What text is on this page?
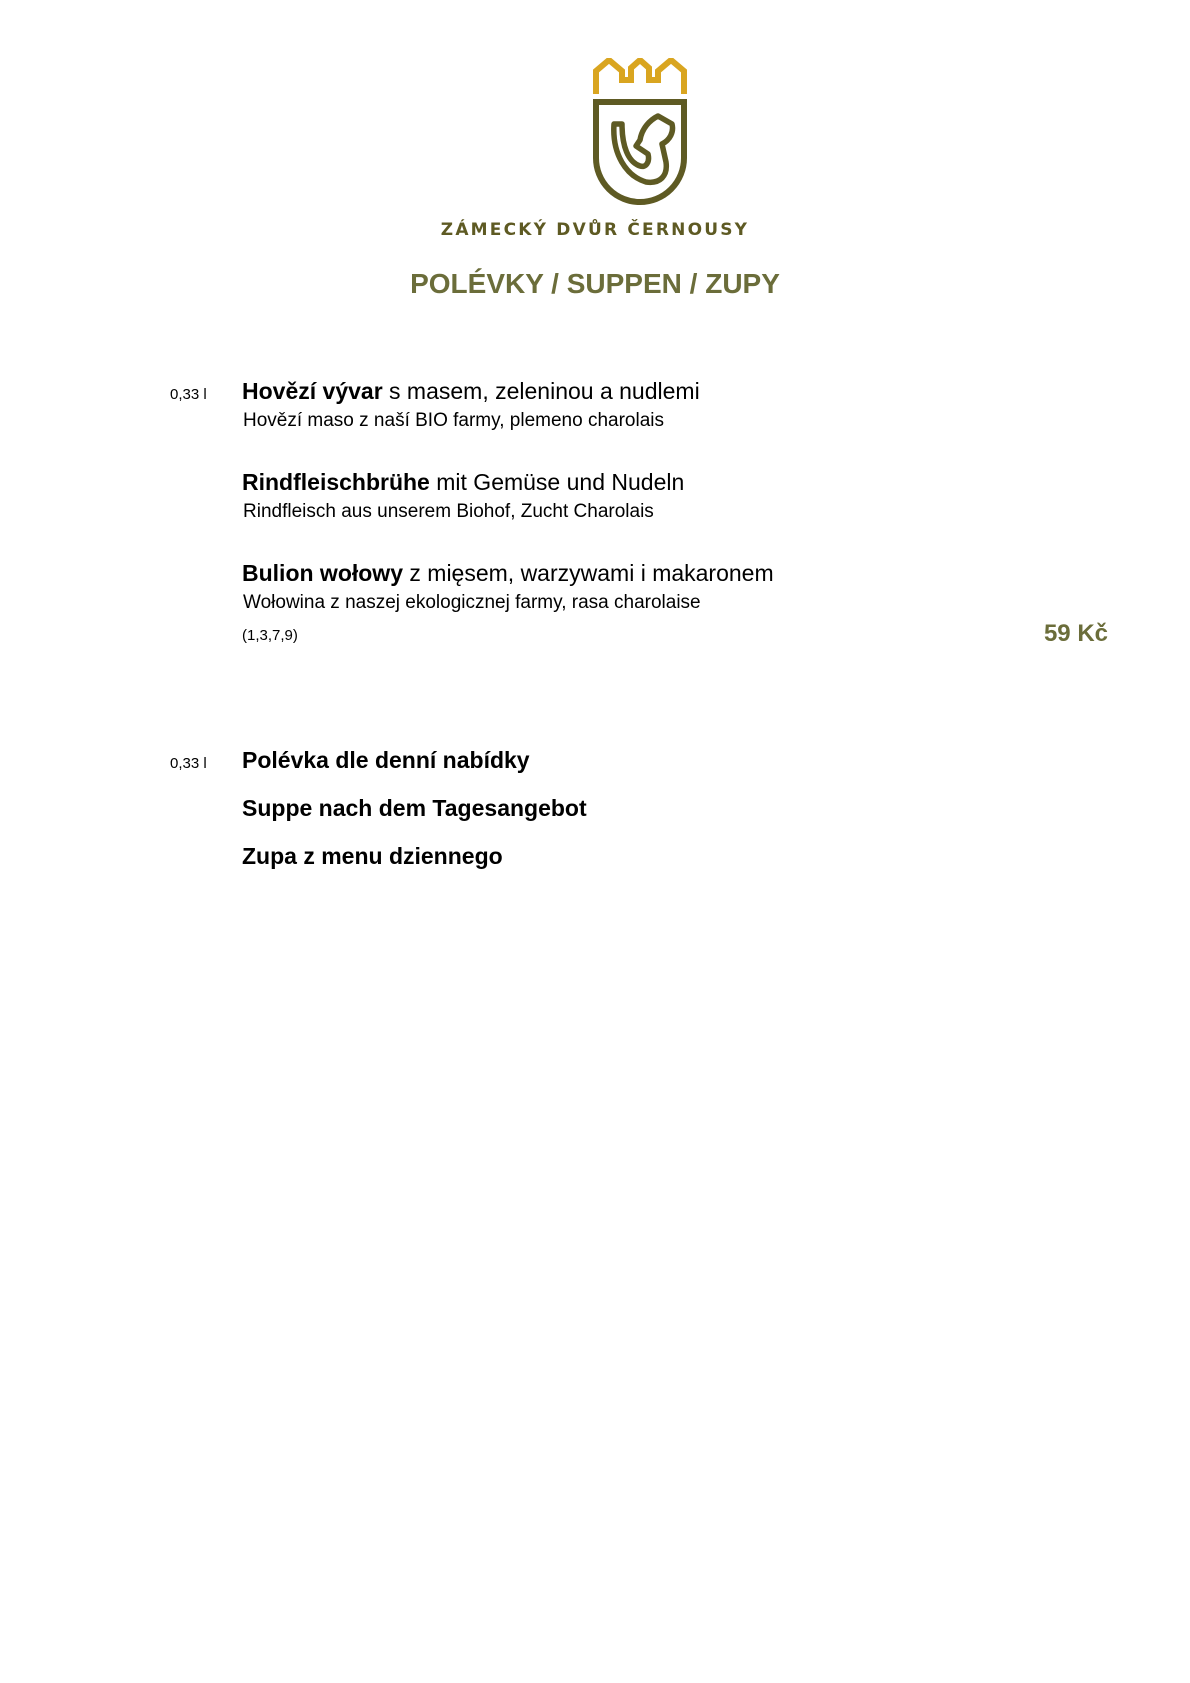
ZÁMECKÝ DVŮR ČERNOUSY
POLÉVKY / SUPPEN / ZUPY
0,33 l Hovězí vývar s masem, zeleninou a nudlemi
Hovězí maso z naší BIO farmy, plemeno charolais
Rindfleischbrühe mit Gemüse und Nudeln
Rindfleisch aus unserem Biohof, Zucht Charolais
Bulion wołowy z mięsem, warzywami i makaronem
Wołowina z naszej ekologicznej farmy, rasa charolaise
(1,3,7,9)	59 Kč
0,33 l Polévka dle denní nabídky
Suppe nach dem Tagesangebot
Zupa z menu dziennego
